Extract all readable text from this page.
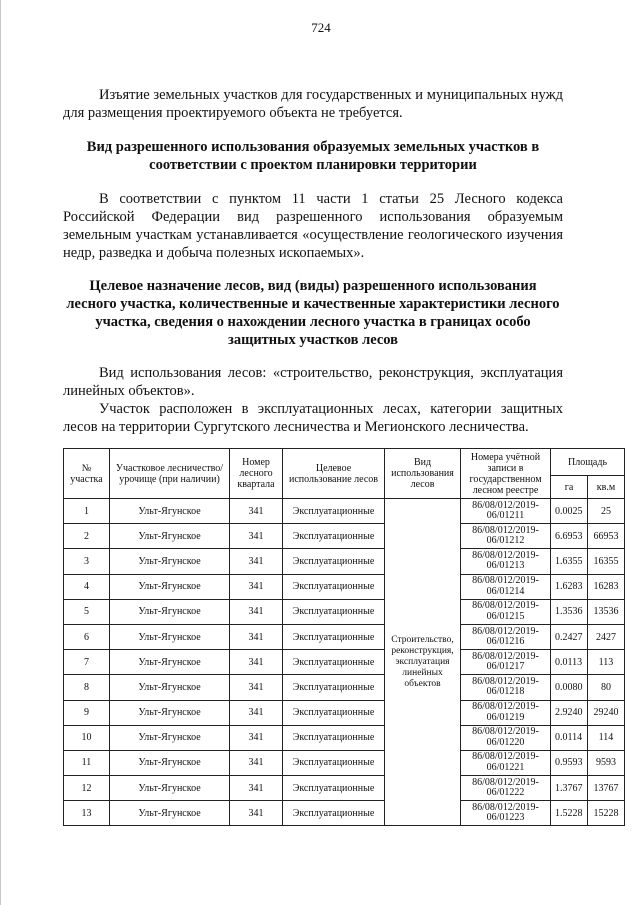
724

Изъятие земельных участков для государственных и муниципальных нужд для размещения проектируемого объекта не требуется.

Вид разрешенного использования образуемых земельных участков в соответствии с проектом планировки территории

В соответствии с пунктом 11 части 1 статьи 25 Лесного кодекса Российской Федерации вид разрешенного использования образуемым земельным участкам устанавливается «осуществление геологического изучения недр, разведка и добыча полезных ископаемых».

Целевое назначение лесов, вид (виды) разрешенного использования лесного участка, количественные и качественные характеристики лесного участка, сведения о нахождении лесного участка в границах особо защитных участков лесов

Вид использования лесов: «строительство, реконструкция, эксплуатация линейных объектов».

Участок расположен в эксплуатационных лесах, категории защитных лесов на территории Сургутского лесничества и Мегионского лесничества.

№ участка	Участковое лесничество/урочище (при наличии)	Номер лесного квартала	Целевое использование лесов	Вид использования лесов	Номера учётной записи в государственном лесном реестре	Площадь	
						га	кв.м
1	Ульт-Ягунское	341	Эксплуатационные	Строительство, реконструкция, эксплуатация линейных объектов	86/08/012/2019-06/01211	0.0025	25
2	Ульт-Ягунское	341	Эксплуатационные		86/08/012/2019-06/01212	6.6953	66953
3	Ульт-Ягунское	341	Эксплуатационные		86/08/012/2019-06/01213	1.6355	16355
4	Ульт-Ягунское	341	Эксплуатационные		86/08/012/2019-06/01214	1.6283	16283
5	Ульт-Ягунское	341	Эксплуатационные		86/08/012/2019-06/01215	1.3536	13536
6	Ульт-Ягунское	341	Эксплуатационные		86/08/012/2019-06/01216	0.2427	2427
7	Ульт-Ягунское	341	Эксплуатационные		86/08/012/2019-06/01217	0.0113	113
8	Ульт-Ягунское	341	Эксплуатационные		86/08/012/2019-06/01218	0.0080	80
9	Ульт-Ягунское	341	Эксплуатационные		86/08/012/2019-06/01219	2.9240	29240
10	Ульт-Ягунское	341	Эксплуатационные		86/08/012/2019-06/01220	0.0114	114
11	Ульт-Ягунское	341	Эксплуатационные		86/08/012/2019-06/01221	0.9593	9593
12	Ульт-Ягунское	341	Эксплуатационные		86/08/012/2019-06/01222	1.3767	13767
13	Ульт-Ягунское	341	Эксплуатационные		86/08/012/2019-06/01223	1.5228	15228
